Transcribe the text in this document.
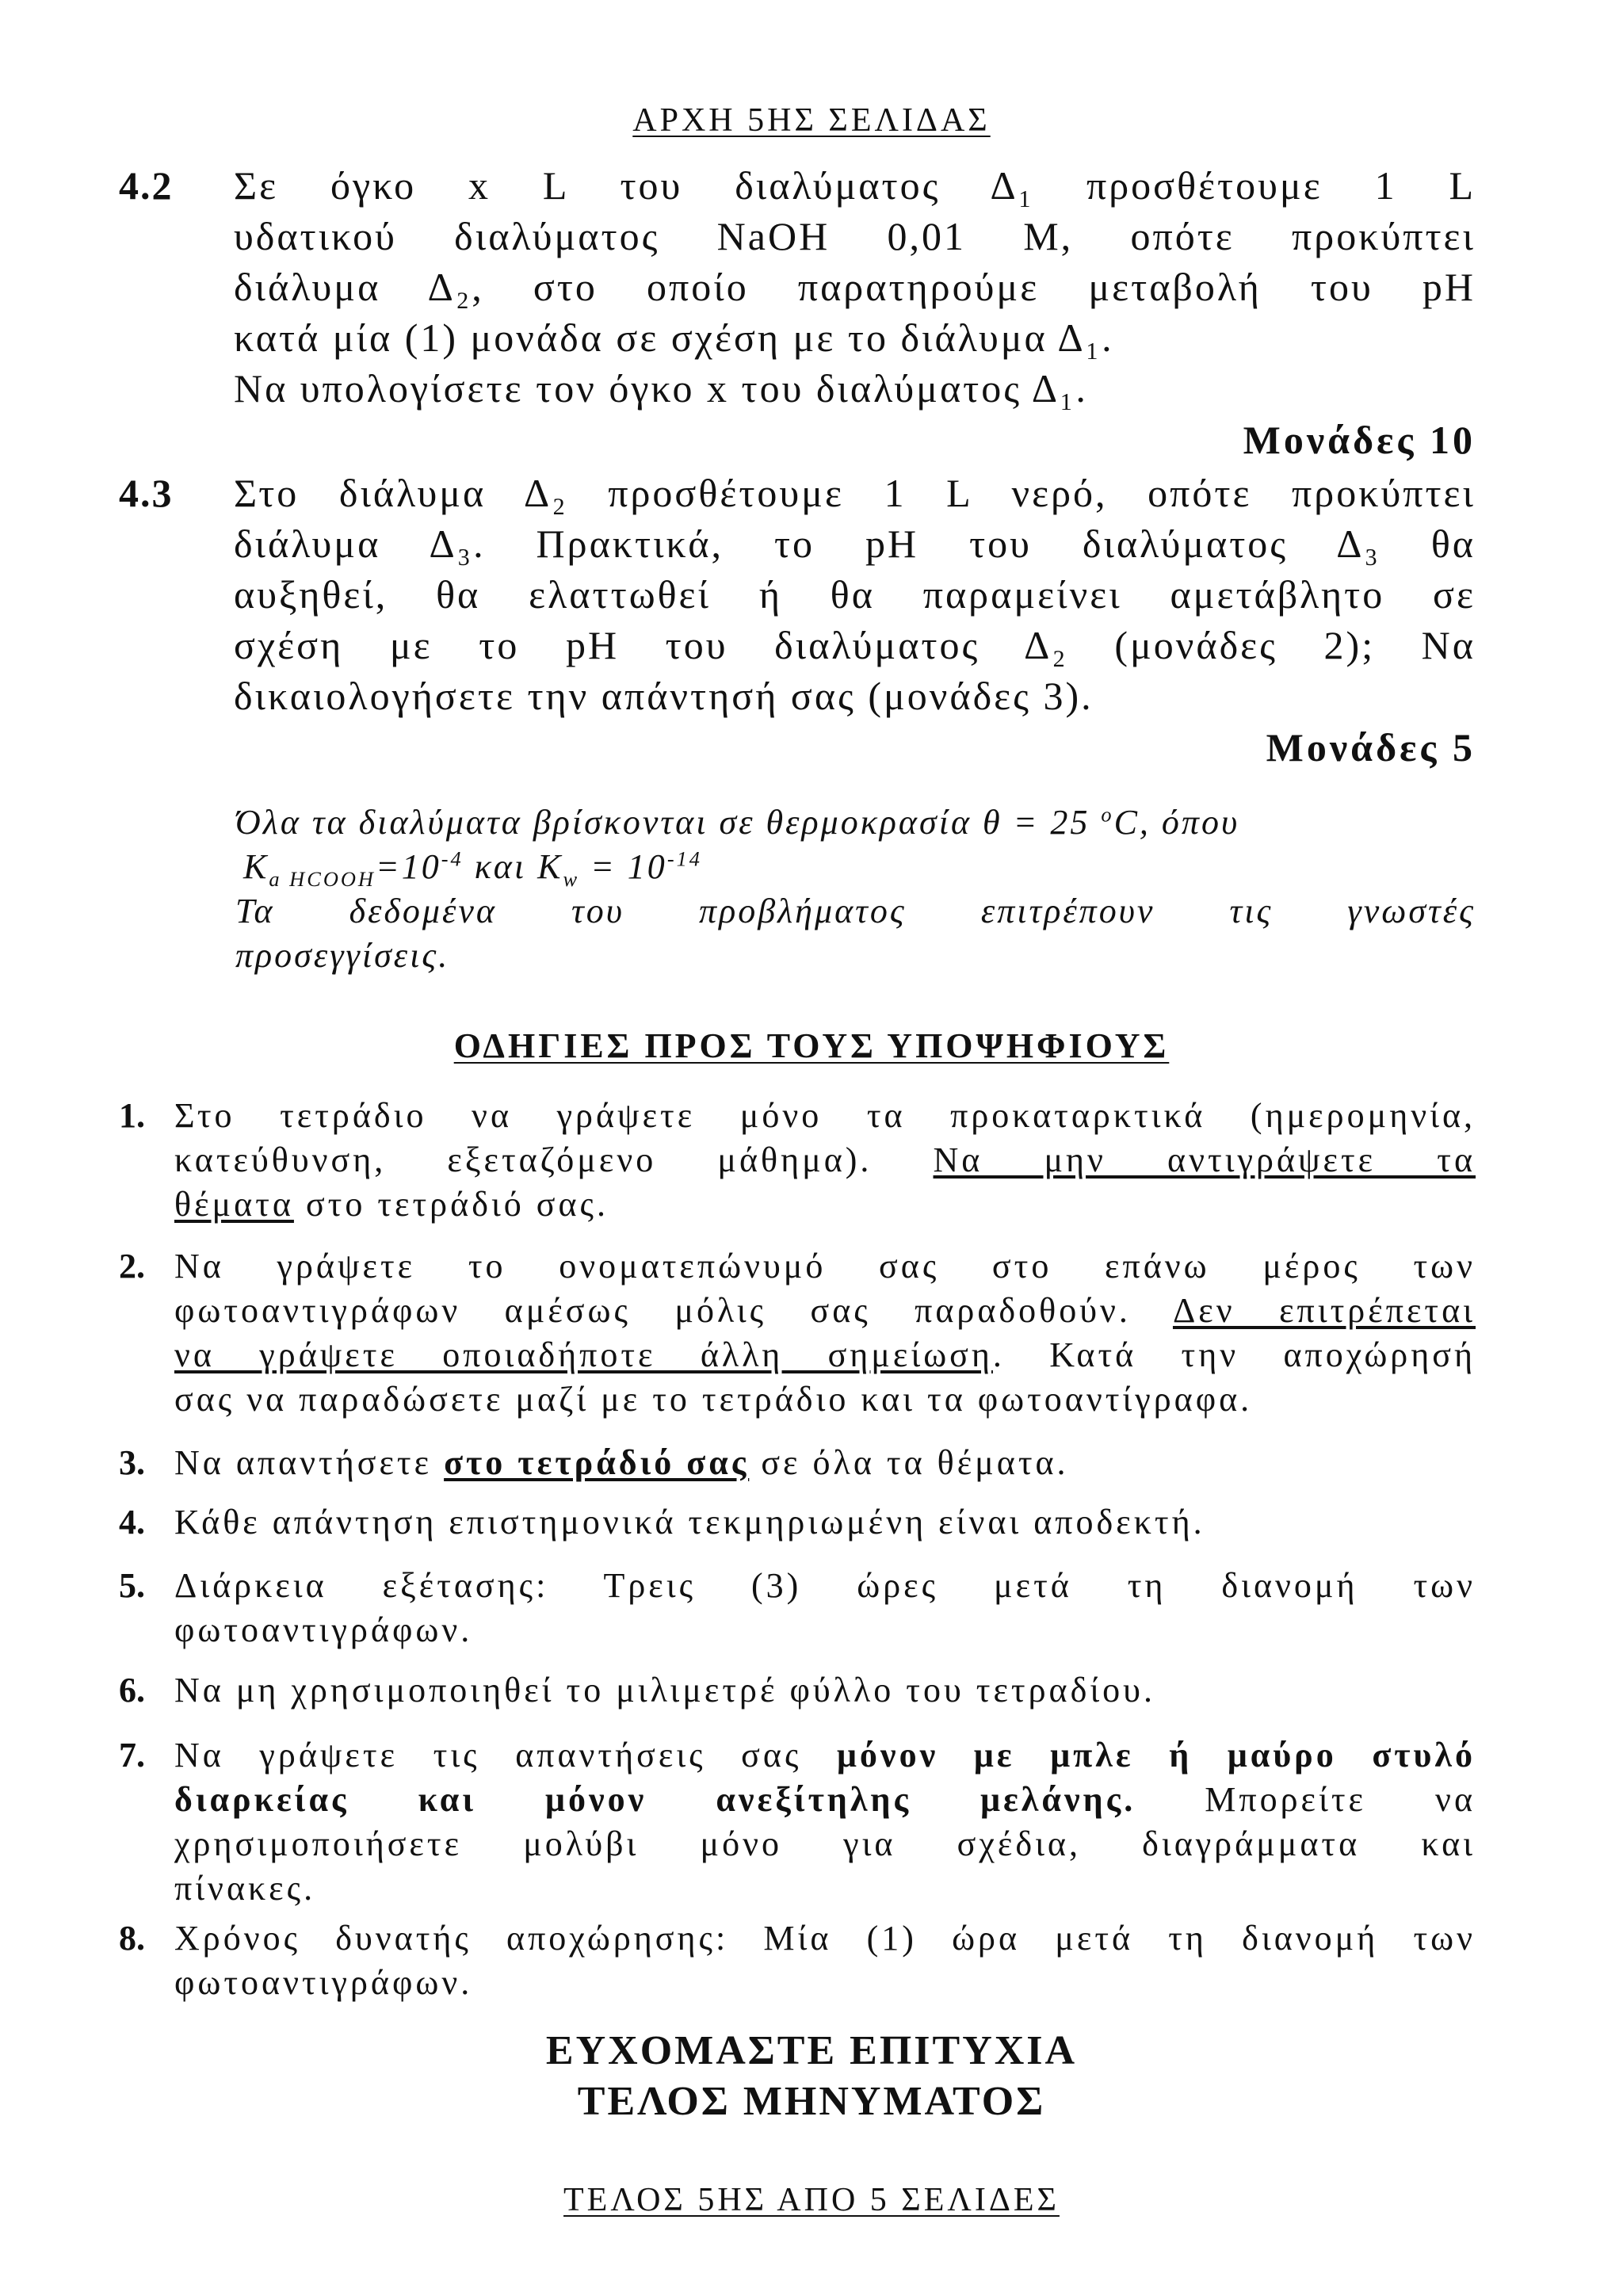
ΑΡΧΗ 5ΗΣ ΣΕΛΙΔΑΣ
4.2 Σε όγκο x L του διαλύματος Δ₁ προσθέτουμε 1 L
υδατικού διαλύματος NaOH 0,01 M, οπότε προκύπτει
διάλυμα Δ₂, στο οποίο παρατηρούμε μεταβολή του pH
κατά μία (1) μονάδα σε σχέση με το διάλυμα Δ₁.
Να υπολογίσετε τον όγκο x του διαλύματος Δ₁.
Μονάδες 10
4.3 Στο διάλυμα Δ₂ προσθέτουμε 1 L νερό, οπότε προκύπτει
διάλυμα Δ₃. Πρακτικά, το pH του διαλύματος Δ₃ θα
αυξηθεί, θα ελαττωθεί ή θα παραμείνει αμετάβλητο σε
σχέση με το pH του διαλύματος Δ₂ (μονάδες 2); Να
δικαιολογήσετε την απάντησή σας (μονάδες 3).
Μονάδες 5
Όλα τα διαλύματα βρίσκονται σε θερμοκρασία θ = 25 $^o$C, όπου
$K_{a HCOOH}=10^{-4}$ και $K_w = 10^{-14}$
Τα δεδομένα του προβλήματος επιτρέπουν τις γνωστές
προσεγγίσεις.
ΟΔΗΓΙΕΣ ΠΡΟΣ ΤΟΥΣ ΥΠΟΨΗΦΙΟΥΣ
1. Στο τετράδιο να γράψετε μόνο τα προκαταρκτικά (ημερομηνία,
κατεύθυνση, εξεταζόμενο μάθημα). Να μην αντιγράψετε τα
θέματα στο τετράδιό σας.
2. Να γράψετε το ονοματεπώνυμό σας στο επάνω μέρος των
φωτοαντιγράφων αμέσως μόλις σας παραδοθούν. Δεν επιτρέπεται
να γράψετε οποιαδήποτε άλλη σημείωση. Κατά την αποχώρησή
σας να παραδώσετε μαζί με το τετράδιο και τα φωτοαντίγραφα.
3. Να απαντήσετε στο τετράδιό σας σε όλα τα θέματα.
4. Κάθε απάντηση επιστημονικά τεκμηριωμένη είναι αποδεκτή.
5. Διάρκεια εξέτασης: Τρεις (3) ώρες μετά τη διανομή των
φωτοαντιγράφων.
6. Να μη χρησιμοποιηθεί το μιλιμετρέ φύλλο του τετραδίου.
7. Να γράψετε τις απαντήσεις σας μόνον με μπλε ή μαύρο στυλό
διαρκείας και μόνον ανεξίτηλης μελάνης. Μπορείτε να
χρησιμοποιήσετε μολύβι μόνο για σχέδια, διαγράμματα και
πίνακες.
8. Χρόνος δυνατής αποχώρησης: Μία (1) ώρα μετά τη διανομή των
φωτοαντιγράφων.
ΕΥΧΟΜΑΣΤΕ ΕΠΙΤΥΧΙΑ
ΤΕΛΟΣ ΜΗΝΥΜΑΤΟΣ
ΤΕΛΟΣ 5ΗΣ ΑΠΟ 5 ΣΕΛΙΔΕΣ
